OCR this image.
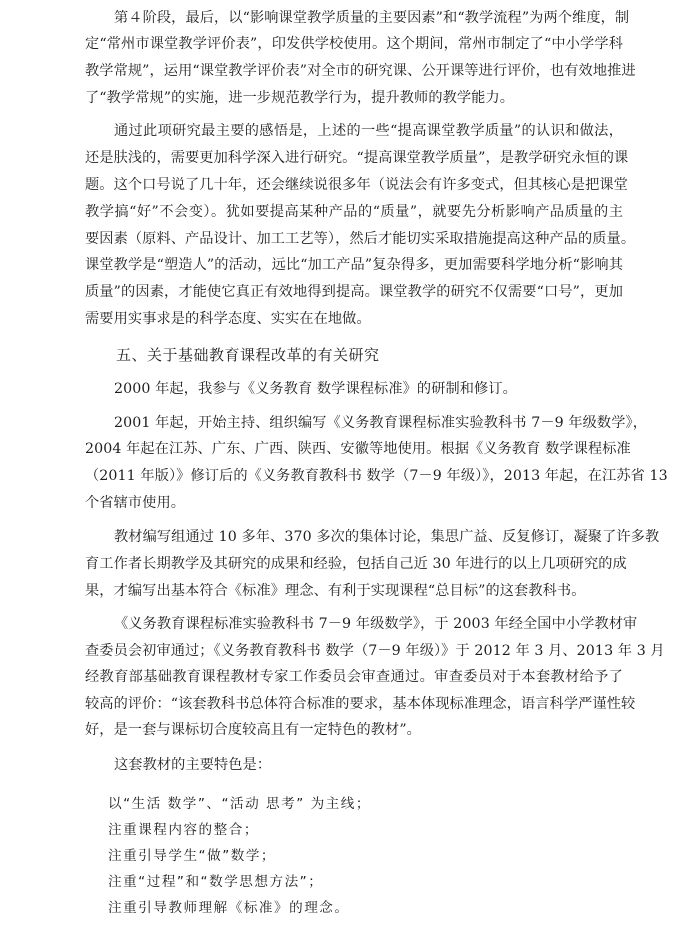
第４阶段，最后，以“影响课堂教学质量的主要因素”和“教学流程”为两个维度，制
定“常州市课堂教学评价表”，印发供学校使用。这个期间，常州市制定了“中小学学科
教学常规”，运用“课堂教学评价表”对全市的研究课、公开课等进行评价，也有效地推进
了“教学常规”的实施，进一步规范教学行为，提升教师的教学能力。
通过此项研究最主要的感悟是，上述的一些“提高课堂教学质量”的认识和做法，
还是肤浅的，需要更加科学深入进行研究。“提高课堂教学质量”，是教学研究永恒的课
题。这个口号说了几十年，还会继续说很多年（说法会有许多变式，但其核心是把课堂
教学搞“好”不会变）。犹如要提高某种产品的“质量”，就要先分析影响产品质量的主
要因素（原料、产品设计、加工工艺等），然后才能切实采取措施提高这种产品的质量。
课堂教学是“塑造人”的活动，远比“加工产品”复杂得多，更加需要科学地分析“影响其
质量”的因素，才能使它真正有效地得到提高。课堂教学的研究不仅需要“口号”，更加
需要用实事求是的科学态度、实实在在地做。
五、关于基础教育课程改革的有关研究
2000 年起，我参与《义务教育 数学课程标准》的研制和修订。
2001 年起，开始主持、组织编写《义务教育课程标准实验教科书 7－9 年级数学》，
2004 年起在江苏、广东、广西、陕西、安徽等地使用。根据《义务教育 数学课程标准
（2011 年版）》修订后的《义务教育教科书 数学（7－9 年级）》，2013 年起，在江苏省 13
个省辖市使用。
教材编写组通过 10 多年、370 多次的集体讨论，集思广益、反复修订，凝聚了许多教
育工作者长期教学及其研究的成果和经验，包括自己近 30 年进行的以上几项研究的成
果，才编写出基本符合《标准》理念、有利于实现课程“总目标”的这套教科书。
《义务教育课程标准实验教科书 7－9 年级数学》，于 2003 年经全国中小学教材审
查委员会初审通过；《义务教育教科书 数学（7－9 年级）》于 2012 年 3 月、2013 年 3 月
经教育部基础教育课程教材专家工作委员会审查通过。审查委员对于本套教材给予了
较高的评价：“该套教科书总体符合标准的要求，基本体现标准理念，语言科学严谨性较
好，是一套与课标切合度较高且有一定特色的教材”。
这套教材的主要特色是：
以“生活 数学”、“活动 思考” 为主线；
注重课程内容的整合；
注重引导学生“做”数学；
注重“过程”和“数学思想方法”；
注重引导教师理解《标准》的理念。
